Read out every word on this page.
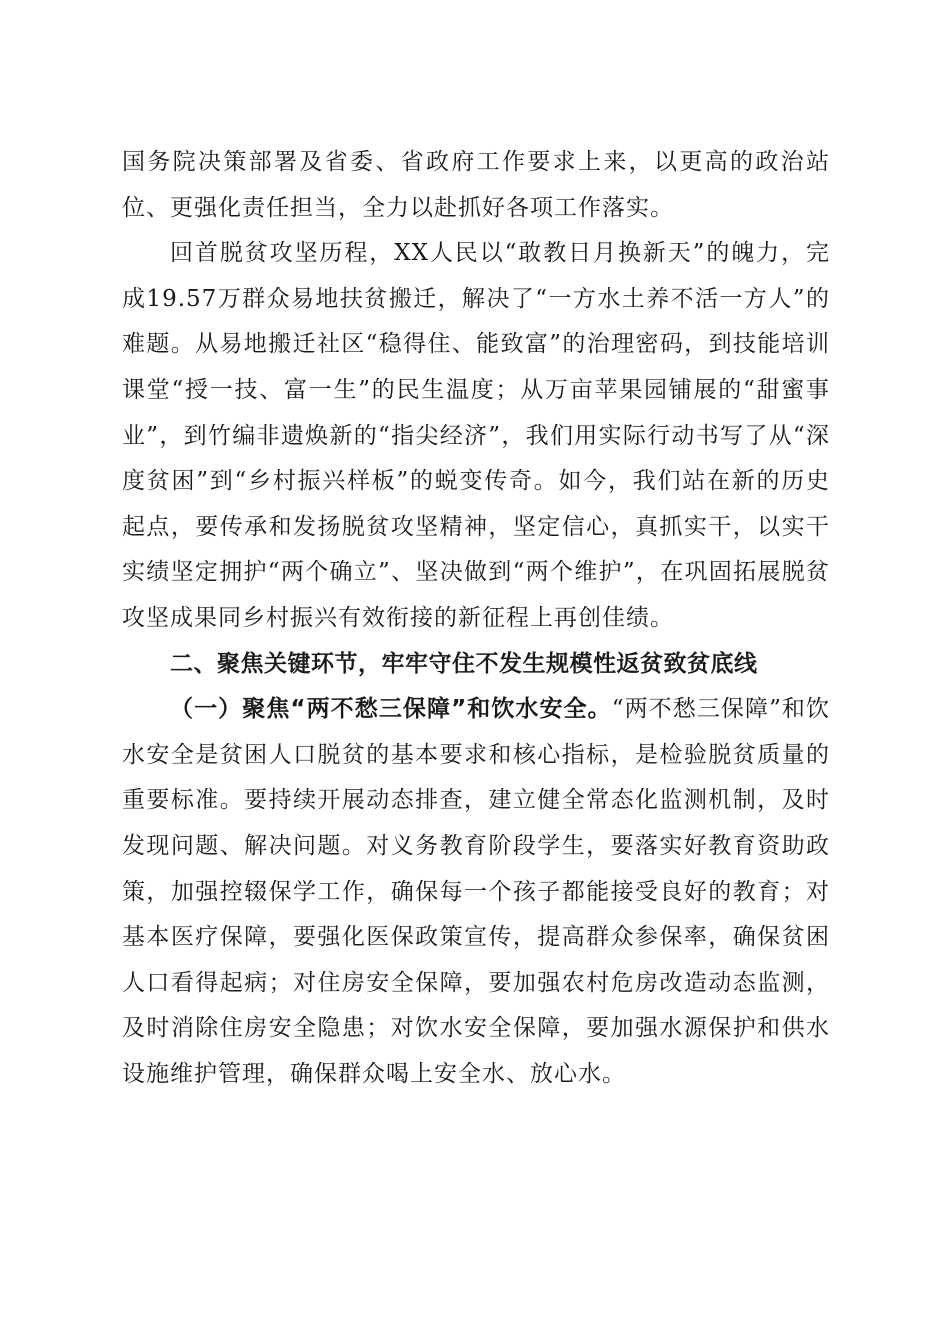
国务院决策部署及省委、省政府工作要求上来，以更高的政治站位、更强化责任担当，全力以赴抓好各项工作落实。

回首脱贫攻坚历程，XX人民以“敢教日月换新天”的魄力，完成19.57万群众易地扶贫搬迁，解决了“一方水土养不活一方人”的难题。从易地搬迁社区“稳得住、能致富”的治理密码，到技能培训课堂“授一技、富一生”的民生温度；从万亩苹果园铺展的“甜蜜事业”，到竹编非遗焕新的“指尖经济”，我们用实际行动书写了从“深度贫困”到“乡村振兴样板”的蜕变传奇。如今，我们站在新的历史起点，要传承和发扬脱贫攻坚精神，坚定信心，真抓实干，以实干实绩坚定拥护“两个确立”、坚决做到“两个维护”，在巩固拓展脱贫攻坚成果同乡村振兴有效衔接的新征程上再创佳绩。

二、聚焦关键环节，牢牢守住不发生规模性返贫致贫底线

（一）聚焦“两不愁三保障”和饮水安全。“两不愁三保障”和饮水安全是贫困人口脱贫的基本要求和核心指标，是检验脱贫质量的重要标准。要持续开展动态排查，建立健全常态化监测机制，及时发现问题、解决问题。对义务教育阶段学生，要落实好教育资助政策，加强控辍保学工作，确保每一个孩子都能接受良好的教育；对基本医疗保障，要强化医保政策宣传，提高群众参保率，确保贫困人口看得起病；对住房安全保障，要加强农村危房改造动态监测，及时消除住房安全隐患；对饮水安全保障，要加强水源保护和供水设施维护管理，确保群众喝上安全水、放心水。
